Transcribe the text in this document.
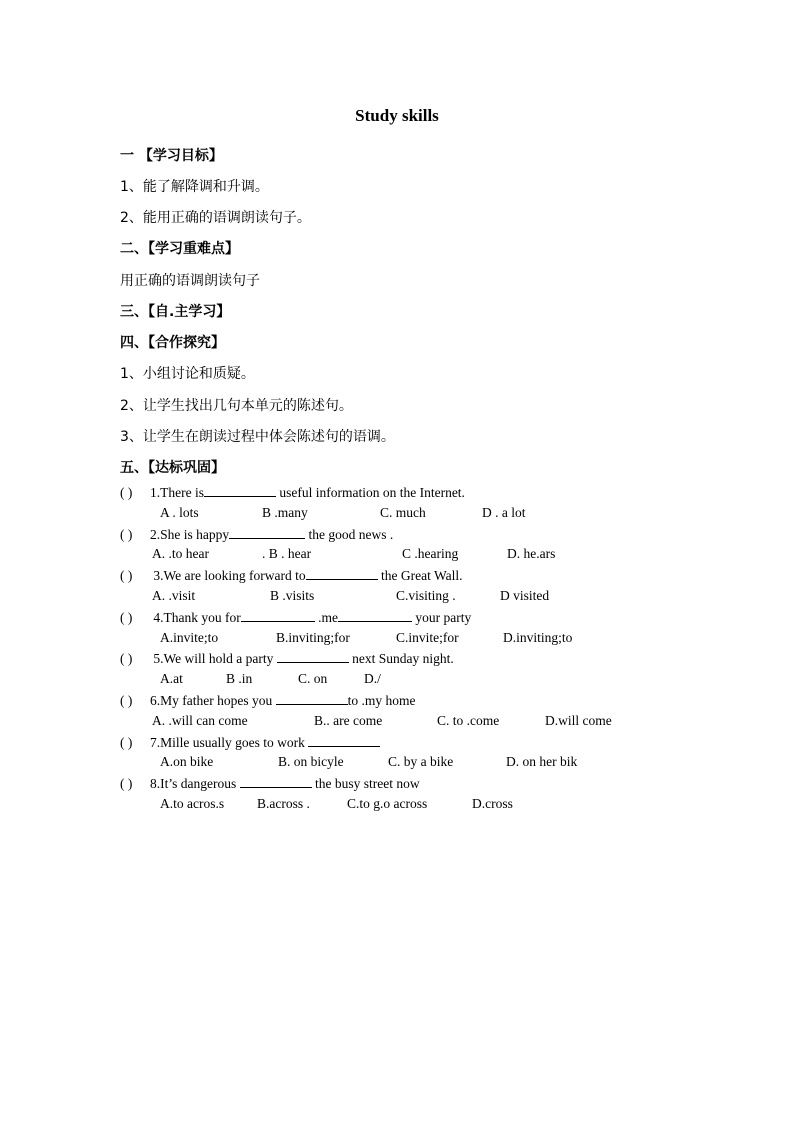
Study skills
一 【学习目标】
1、能了解降调和升调。
2、能用正确的语调朗读句子。
二、【学习重难点】
用正确的语调朗读句子
三、【自.主学习】
四、【合作探究】
1、小组讨论和质疑。
2、让学生找出几句本单元的陈述句。
3、让学生在朗读过程中体会陈述句的语调。
五、【达标巩固】
( ) 1.There is	useful information on the Internet.
A . lots	B .many	C. much	D . a lot
( ) 2.She is happy	the good news .
A. .to hear	. B . hear	C .hearing	D. he.ars
( ) 3.We are looking forward to	the Great Wall.
A. .visit	B .visits	C.visiting .	D visited
( ) 4.Thank you for	.me	your party
A.invite;to	B.inviting;for	C.invite;for	D.inviting;to
( ) 5.We will hold a party	next Sunday night.
A.at	B .in	C. on	D./
( ) 6.My father hopes you	to .my home
A. .will can come	B.. are come	C. to .come	D.will come
( ) 7.Mille usually goes to work
A.on bike	B. on bicyle	C. by a bike	D. on her bik
( ) 8.It’s dangerous	the busy street now
A.to acros.s B.across .	C.to g.o across	D.cross
